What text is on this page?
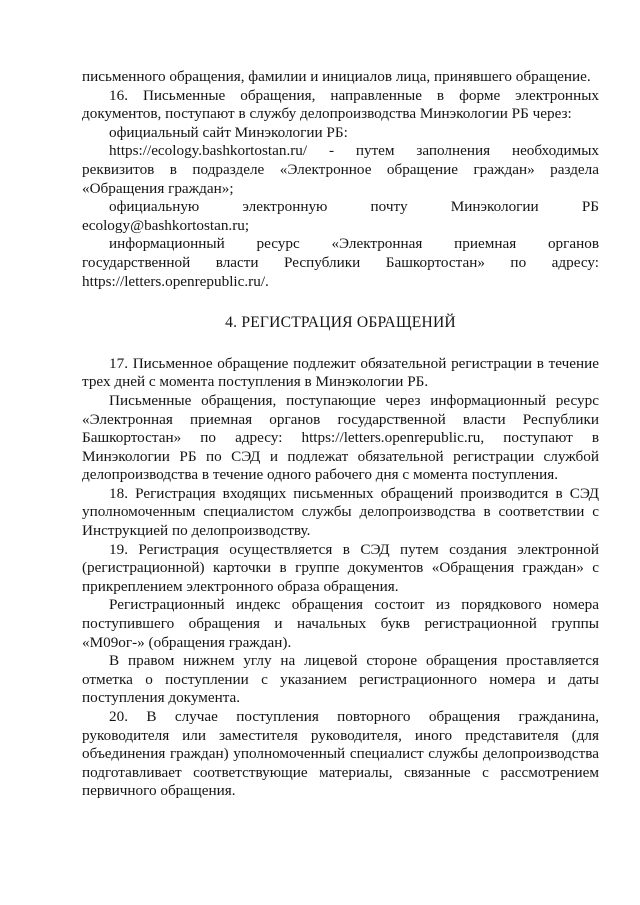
письменного обращения, фамилии и инициалов лица, принявшего обращение.

16. Письменные обращения, направленные в форме электронных документов, поступают в службу делопроизводства Минэкологии РБ через:

официальный сайт Минэкологии РБ:

https://ecology.bashkortostan.ru/ - путем заполнения необходимых реквизитов в подразделе «Электронное обращение граждан» раздела «Обращения граждан»;

официальную электронную почту Минэкологии РБ ecology@bashkortostan.ru;

информационный ресурс «Электронная приемная органов государственной власти Республики Башкортостан» по адресу: https://letters.openrepublic.ru/.

4. РЕГИСТРАЦИЯ ОБРАЩЕНИЙ

17. Письменное обращение подлежит обязательной регистрации в течение трех дней с момента поступления в Минэкологии РБ.

Письменные обращения, поступающие через информационный ресурс «Электронная приемная органов государственной власти Республики Башкортостан» по адресу: https://letters.openrepublic.ru, поступают в Минэкологии РБ по СЭД и подлежат обязательной регистрации службой делопроизводства в течение одного рабочего дня с момента поступления.

18. Регистрация входящих письменных обращений производится в СЭД уполномоченным специалистом службы делопроизводства в соответствии с Инструкцией по делопроизводству.

19. Регистрация осуществляется в СЭД путем создания электронной (регистрационной) карточки в группе документов «Обращения граждан» с прикреплением электронного образа обращения.

Регистрационный индекс обращения состоит из порядкового номера поступившего обращения и начальных букв регистрационной группы «М09ог-» (обращения граждан).

В правом нижнем углу на лицевой стороне обращения проставляется отметка о поступлении с указанием регистрационного номера и даты поступления документа.

20. В случае поступления повторного обращения гражданина, руководителя или заместителя руководителя, иного представителя (для объединения граждан) уполномоченный специалист службы делопроизводства подготавливает соответствующие материалы, связанные с рассмотрением первичного обращения.
